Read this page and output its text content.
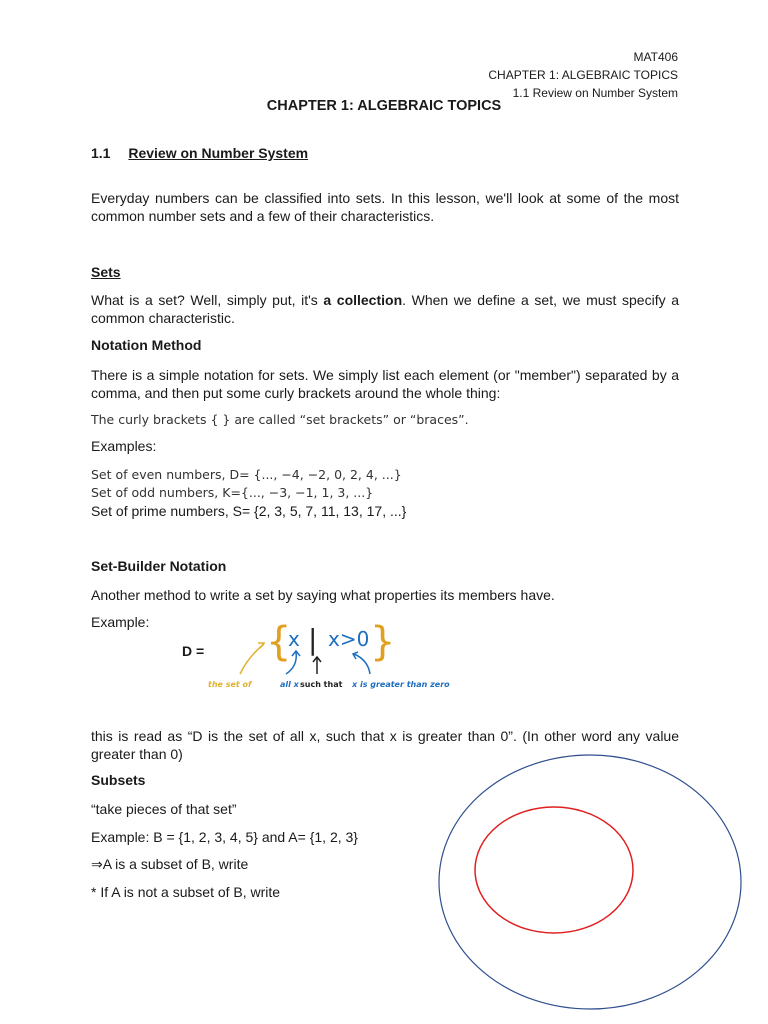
MAT406
CHAPTER 1: ALGEBRAIC TOPICS
1.1 Review on Number System
CHAPTER 1: ALGEBRAIC TOPICS
1.1 Review on Number System
Everyday numbers can be classified into sets. In this lesson, we'll look at some of the most common number sets and a few of their characteristics.
Sets
What is a set? Well, simply put, it's a collection. When we define a set, we must specify a common characteristic.
Notation Method
There is a simple notation for sets. We simply list each element (or "member") separated by a comma, and then put some curly brackets around the whole thing:
The curly brackets { } are called “set brackets” or “braces”.
Examples:
Set of even numbers, D= {..., −4, −2, 0, 2, 4, ...}
Set of odd numbers, K={..., −3, −1, 1, 3, ...}
Set of prime numbers, S= {2, 3, 5, 7, 11, 13, 17, ...}
Set-Builder Notation
Another method to write a set by saying what properties its members have.
Example:
D = {
x | x>0 }
the set of	all x such that x is greater than zero
this is read as “D is the set of all x, such that x is greater than 0”. (In other word any value greater than 0)
Subsets
“take pieces of that set”
Example: B = {1, 2, 3, 4, 5} and A= {1, 2, 3}
⇒A is a subset of B, write
* If A is not a subset of B, write
